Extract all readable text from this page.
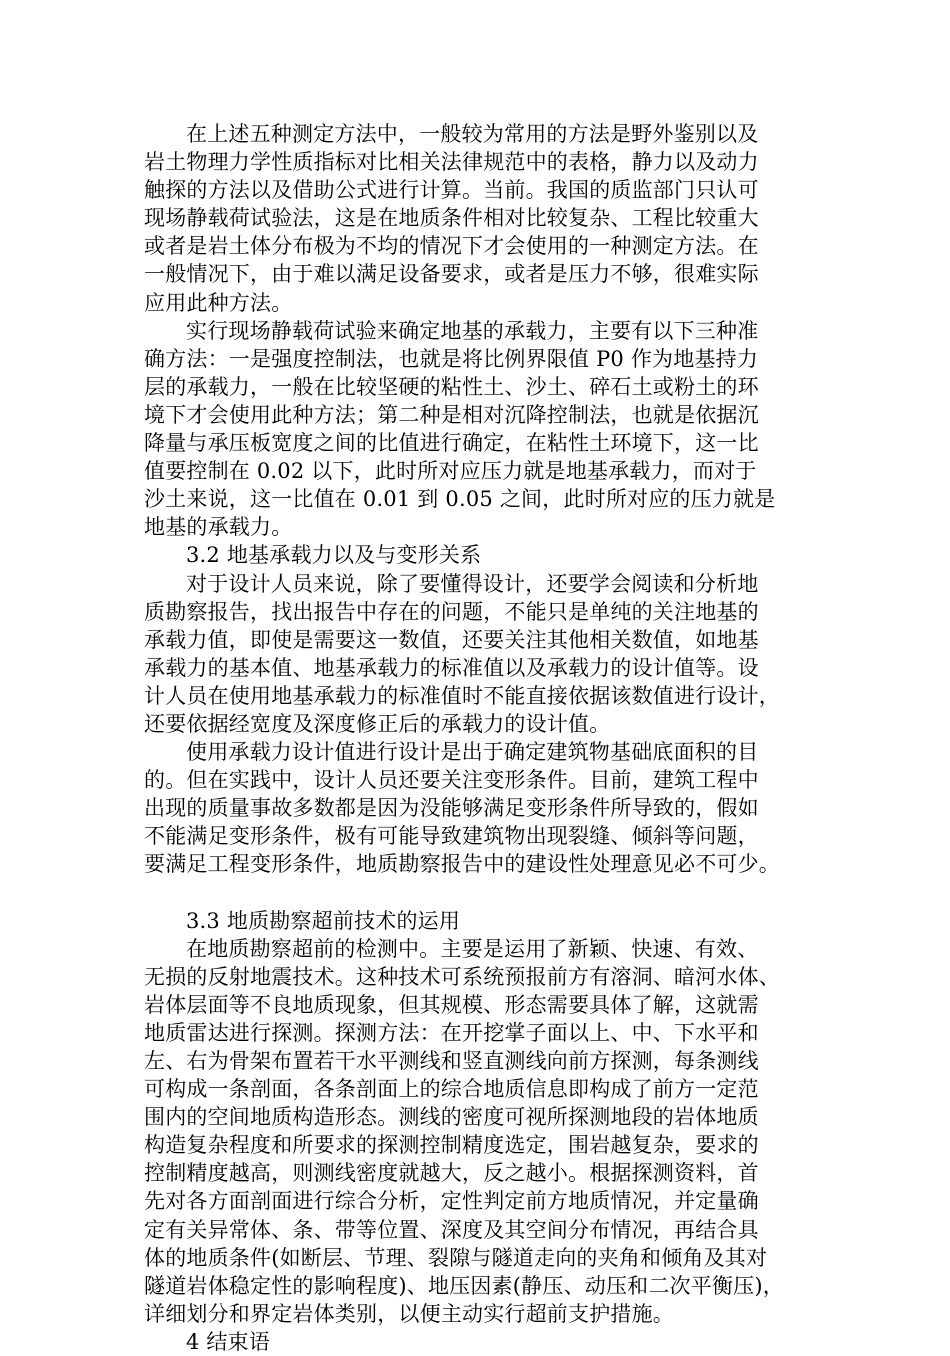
在上述五种测定方法中，一般较为常用的方法是野外鉴别以及
岩土物理力学性质指标对比相关法律规范中的表格，静力以及动力
触探的方法以及借助公式进行计算。当前。我国的质监部门只认可
现场静载荷试验法，这是在地质条件相对比较复杂、工程比较重大
或者是岩土体分布极为不均的情况下才会使用的一种测定方法。在
一般情况下，由于难以满足设备要求，或者是压力不够，很难实际
应用此种方法。
实行现场静载荷试验来确定地基的承载力，主要有以下三种准
确方法：一是强度控制法，也就是将比例界限值 P0 作为地基持力
层的承载力，一般在比较坚硬的粘性土、沙土、碎石土或粉土的环
境下才会使用此种方法；第二种是相对沉降控制法，也就是依据沉
降量与承压板宽度之间的比值进行确定，在粘性土环境下，这一比
值要控制在 0.02 以下，此时所对应压力就是地基承载力，而对于
沙土来说，这一比值在 0.01 到 0.05 之间，此时所对应的压力就是
地基的承载力。
3.2 地基承载力以及与变形关系
对于设计人员来说，除了要懂得设计，还要学会阅读和分析地
质勘察报告，找出报告中存在的问题，不能只是单纯的关注地基的
承载力值，即使是需要这一数值，还要关注其他相关数值，如地基
承载力的基本值、地基承载力的标准值以及承载力的设计值等。设
计人员在使用地基承载力的标准值时不能直接依据该数值进行设计，
还要依据经宽度及深度修正后的承载力的设计值。
使用承载力设计值进行设计是出于确定建筑物基础底面积的目
的。但在实践中，设计人员还要关注变形条件。目前，建筑工程中
出现的质量事故多数都是因为没能够满足变形条件所导致的，假如
不能满足变形条件，极有可能导致建筑物出现裂缝、倾斜等问题，
要满足工程变形条件，地质勘察报告中的建设性处理意见必不可少。
3.3 地质勘察超前技术的运用
在地质勘察超前的检测中。主要是运用了新颖、快速、有效、
无损的反射地震技术。这种技术可系统预报前方有溶洞、暗河水体、
岩体层面等不良地质现象，但其规模、形态需要具体了解，这就需
地质雷达进行探测。探测方法：在开挖掌子面以上、中、下水平和
左、右为骨架布置若干水平测线和竖直测线向前方探测，每条测线
可构成一条剖面，各条剖面上的综合地质信息即构成了前方一定范
围内的空间地质构造形态。测线的密度可视所探测地段的岩体地质
构造复杂程度和所要求的探测控制精度选定，围岩越复杂，要求的
控制精度越高，则测线密度就越大，反之越小。根据探测资料，首
先对各方面剖面进行综合分析，定性判定前方地质情况，并定量确
定有关异常体、条、带等位置、深度及其空间分布情况，再结合具
体的地质条件(如断层、节理、裂隙与隧道走向的夹角和倾角及其对
隧道岩体稳定性的影响程度)、地压因素(静压、动压和二次平衡压)，
详细划分和界定岩体类别，以便主动实行超前支护措施。
4 结束语
